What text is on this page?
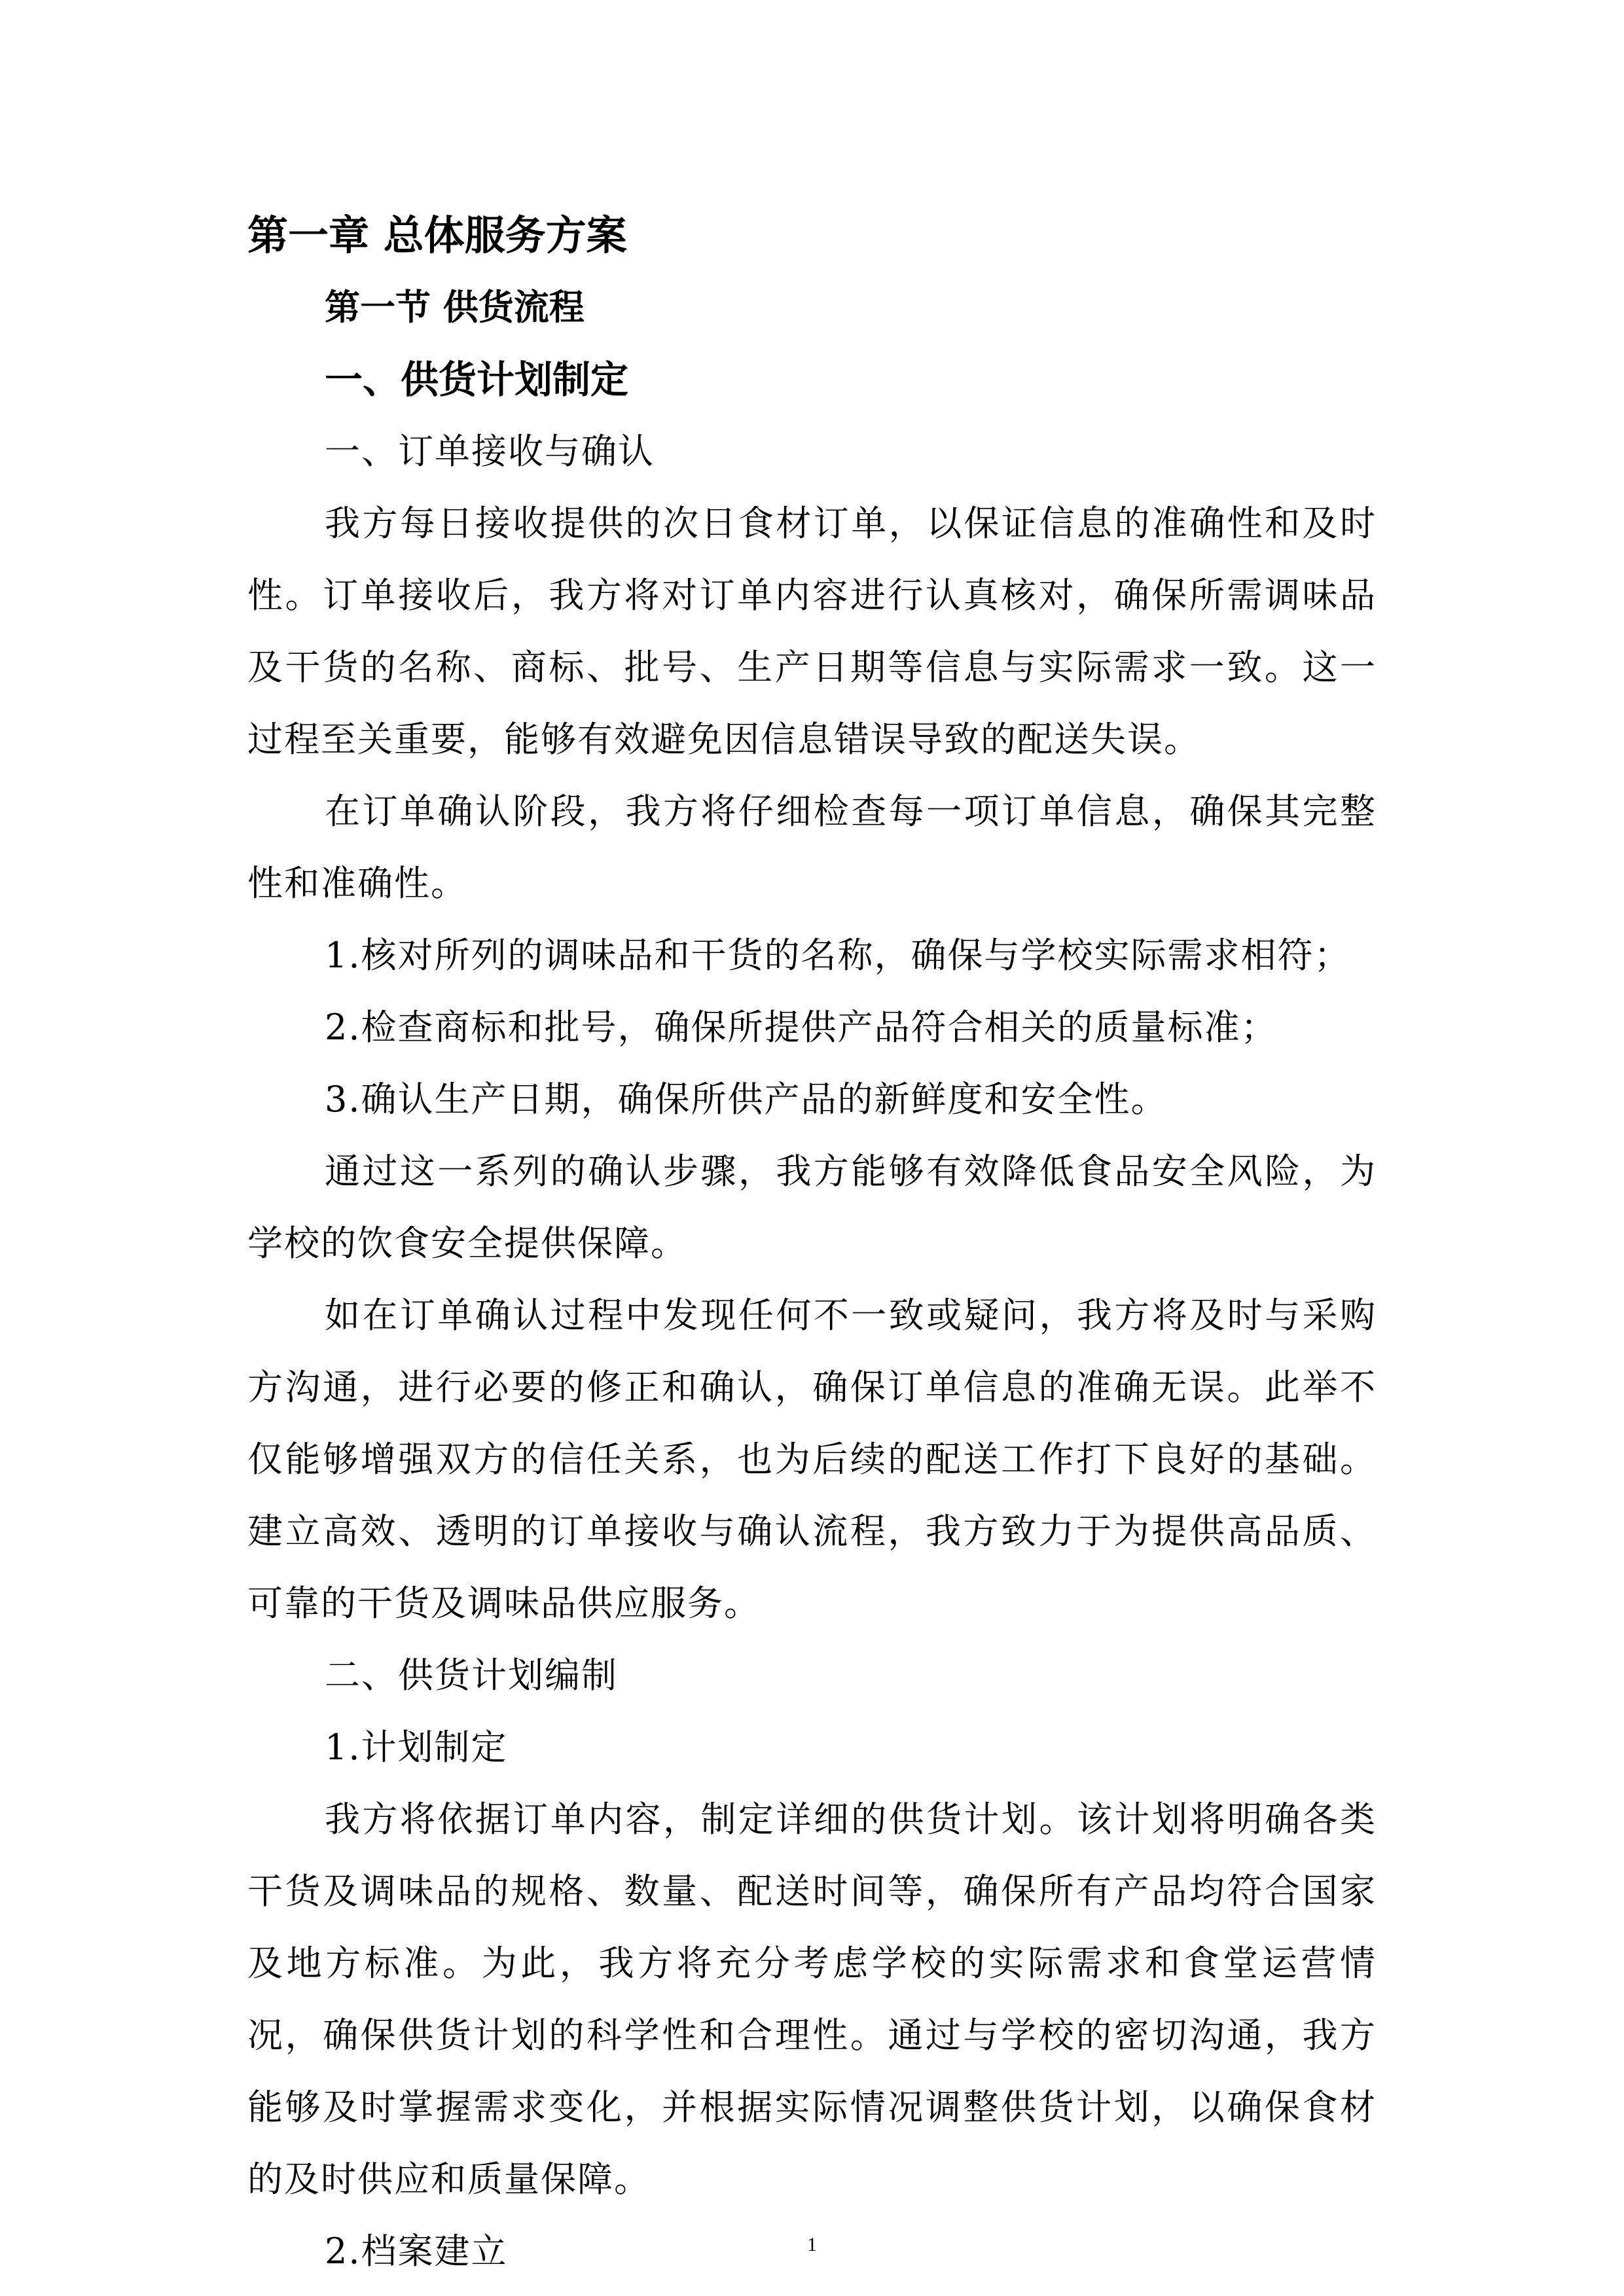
第一章 总体服务方案
第一节 供货流程
一、供货计划制定

一、订单接收与确认

我方每日接收提供的次日食材订单，以保证信息的准确性和及时性。订单接收后，我方将对订单内容进行认真核对，确保所需调味品及干货的名称、商标、批号、生产日期等信息与实际需求一致。这一过程至关重要，能够有效避免因信息错误导致的配送失误。

在订单确认阶段，我方将仔细检查每一项订单信息，确保其完整性和准确性。

1.核对所列的调味品和干货的名称，确保与学校实际需求相符；

2.检查商标和批号，确保所提供产品符合相关的质量标准；

3.确认生产日期，确保所供产品的新鲜度和安全性。

通过这一系列的确认步骤，我方能够有效降低食品安全风险，为学校的饮食安全提供保障。

如在订单确认过程中发现任何不一致或疑问，我方将及时与采购方沟通，进行必要的修正和确认，确保订单信息的准确无误。此举不仅能够增强双方的信任关系，也为后续的配送工作打下良好的基础。建立高效、透明的订单接收与确认流程，我方致力于为提供高品质、可靠的干货及调味品供应服务。

二、供货计划编制

1.计划制定

我方将依据订单内容，制定详细的供货计划。该计划将明确各类干货及调味品的规格、数量、配送时间等，确保所有产品均符合国家及地方标准。为此，我方将充分考虑学校的实际需求和食堂运营情况，确保供货计划的科学性和合理性。通过与学校的密切沟通，我方能够及时掌握需求变化，并根据实际情况调整供货计划，以确保食材的及时供应和质量保障。

2.档案建立	1
